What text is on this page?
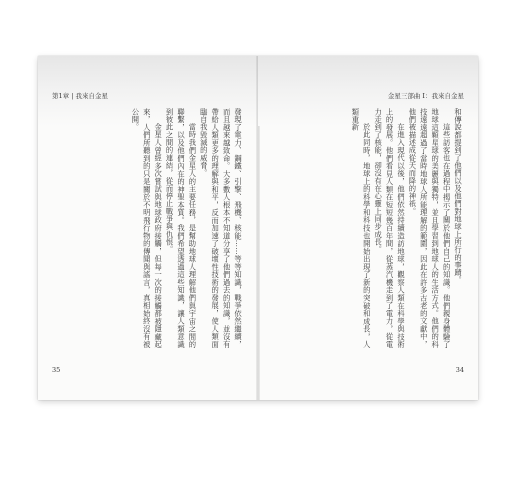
第1章 | 我來自金星
發現了電力、鋼鐵、引擎、飛機、核能……等等知識，戰爭依然繼續，而且越來越致命。大多數人根本不知道分享了他們過去的知識，並沒有帶給人類更多的理解與和平，反而加速了破壞性技術的發展，使人類面臨自我毀滅的威脅。
當時我們金星人的主要任務，是幫助地球人理解他們與宇宙之間的聯繫，以及他們內在的神聖本質。我們希望透過這些知識，讓人類意識到彼此之間的連結，從而停止戰爭與仇恨。
金星人曾經多次嘗試與地球政府接觸，但每一次的接觸都被隱藏起來，人們所聽到的只是關於不明飛行物的傳聞與謠言，真相始終沒有被公開。
35
金星三部曲 I：我來自金星
和傳說都提到了他們以及他們對地球上所行的事蹟。
這些訪客也在過程中揭示了關於他們自己的知識。他們親身體驗了地球這顆星球的美麗與獨特，並且學習到地球人的生活方式。他們的科技遠遠超過了當時地球人所能理解的範圍，因此在許多古老的文獻中，他們被描述成從天而降的神祇。
在進入現代以後，他們依然持續造訪地球，觀察人類在科學與技術上的發展。他們看見人類在短短幾百年間，從蒸汽機走到了電力，從電力走到了核能，卻沒有在心靈上同步成長。
於此同時，地球上的科學和科技也開始出現了新的突破和成長，人類重新
34
